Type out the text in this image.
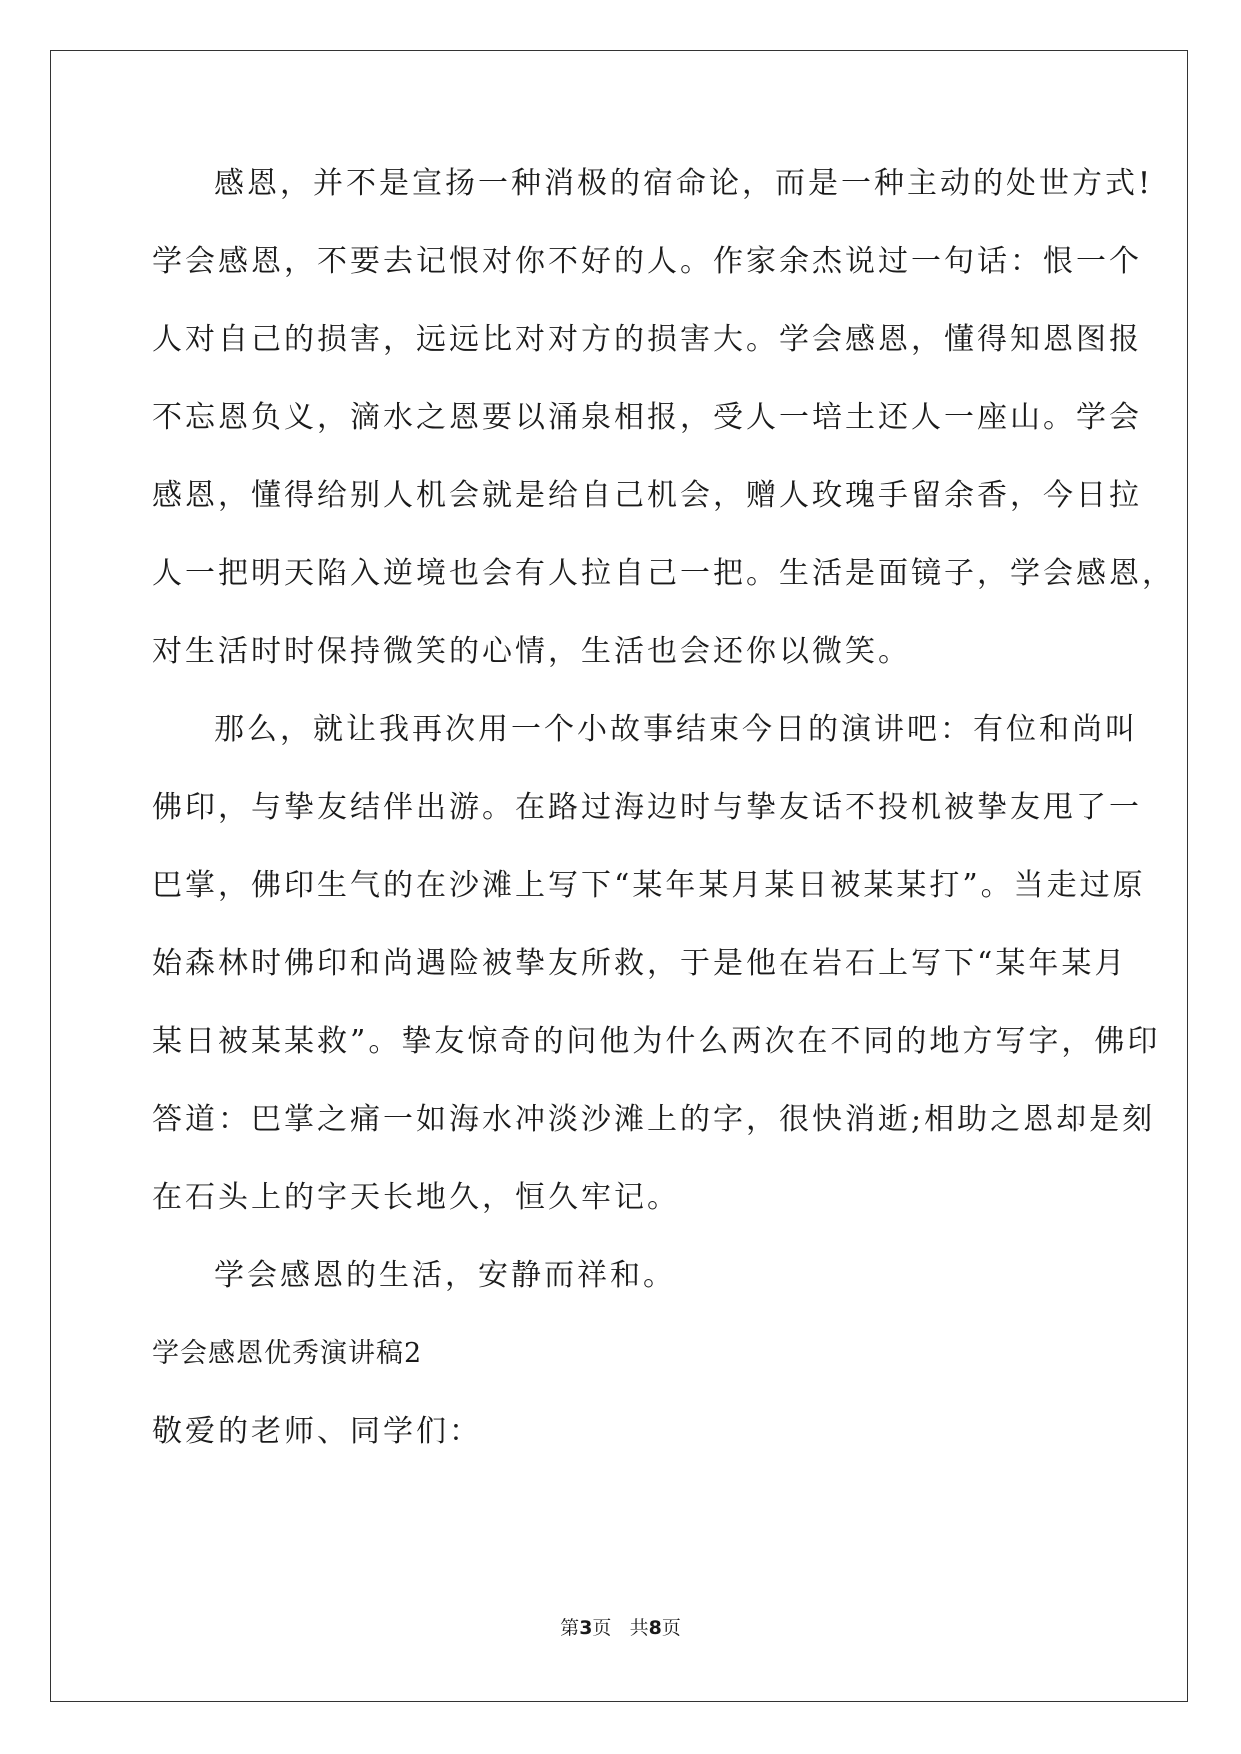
感恩，并不是宣扬一种消极的宿命论，而是一种主动的处世方式!
学会感恩，不要去记恨对你不好的人。作家余杰说过一句话：恨一个
人对自己的损害，远远比对对方的损害大。学会感恩，懂得知恩图报
不忘恩负义，滴水之恩要以涌泉相报，受人一培土还人一座山。学会
感恩，懂得给别人机会就是给自己机会，赠人玫瑰手留余香，今日拉
人一把明天陷入逆境也会有人拉自己一把。生活是面镜子，学会感恩，
对生活时时保持微笑的心情，生活也会还你以微笑。
那么，就让我再次用一个小故事结束今日的演讲吧：有位和尚叫
佛印，与挚友结伴出游。在路过海边时与挚友话不投机被挚友甩了一
巴掌，佛印生气的在沙滩上写下“某年某月某日被某某打”。当走过原
始森林时佛印和尚遇险被挚友所救，于是他在岩石上写下“某年某月
某日被某某救”。挚友惊奇的问他为什么两次在不同的地方写字，佛印
答道：巴掌之痛一如海水冲淡沙滩上的字，很快消逝;相助之恩却是刻
在石头上的字天长地久，恒久牢记。
学会感恩的生活，安静而祥和。
学会感恩优秀演讲稿2
敬爱的老师、同学们：
第3页 共8页
